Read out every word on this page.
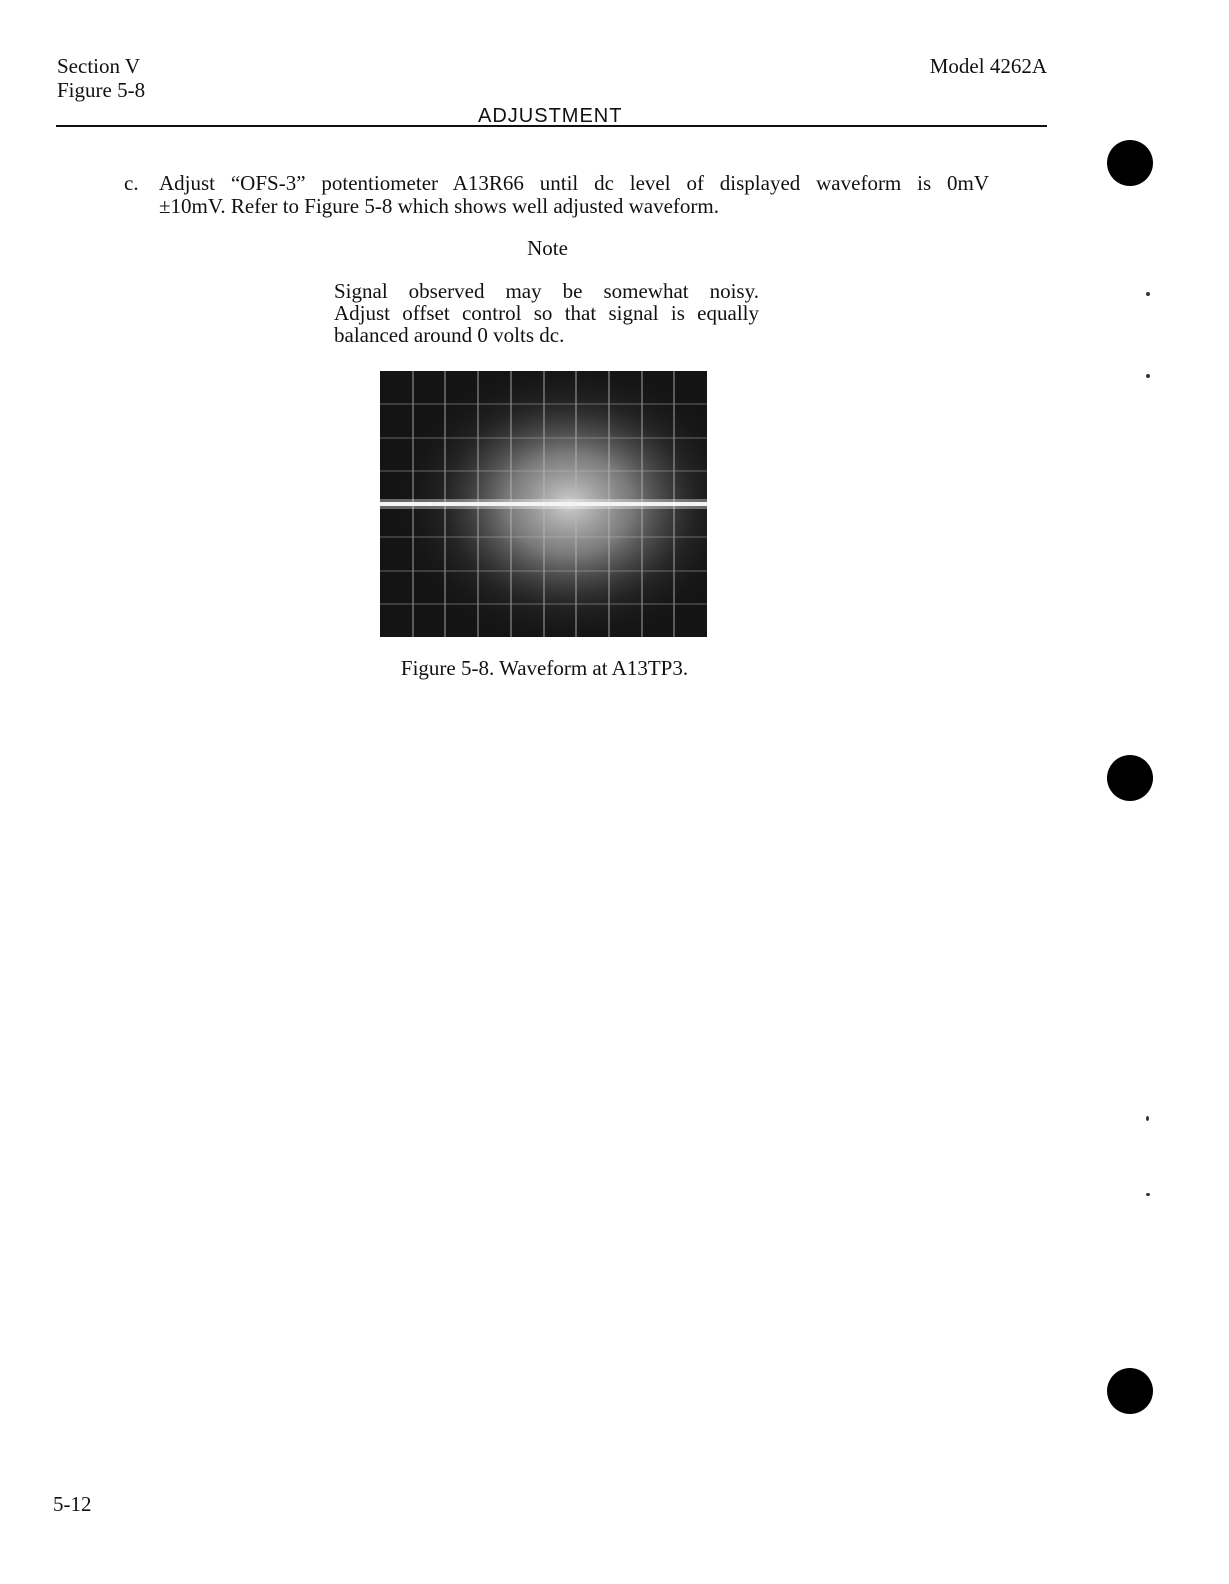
Section V
Figure 5-8
Model 4262A
ADJUSTMENT
c. Adjust “OFS-3” potentiometer A13R66 until dc level of displayed waveform is 0mV
±10mV. Refer to Figure 5-8 which shows well adjusted waveform.
Note
Signal observed may be somewhat noisy.
Adjust offset control so that signal is equally
balanced around 0 volts dc.
Figure 5-8. Waveform at A13TP3.
5-12
